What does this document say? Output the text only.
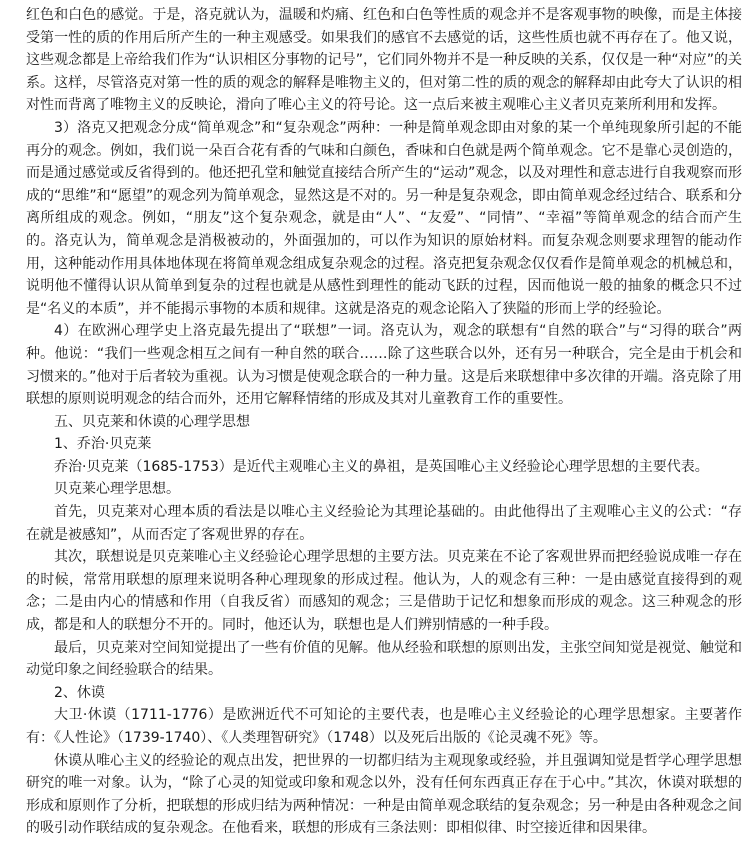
红色和白色的感觉。于是，洛克就认为，温暖和灼痛、红色和白色等性质的观念并不是客观事物的映像，而是主体接受第一性的质的作用后所产生的一种主观感受。如果我们的感官不去感觉的话，这些性质也就不再存在了。他又说，这些观念都是上帝给我们作为“认识相区分事物的记号”，它们同外物并不是一种反映的关系，仅仅是一种“对应”的关系。这样，尽管洛克对第一性的质的观念的解释是唯物主义的，但对第二性的质的观念的解释却由此夸大了认识的相对性而背离了唯物主义的反映论，滑向了唯心主义的符号论。这一点后来被主观唯心主义者贝克莱所利用和发挥。

3）洛克又把观念分成“简单观念”和“复杂观念”两种：一种是简单观念即由对象的某一个单纯现象所引起的不能再分的观念。例如，我们说一朵百合花有香的气味和白颜色，香味和白色就是两个简单观念。它不是靠心灵创造的，而是通过感觉或反省得到的。他还把孔堂和触觉直接结合所产生的“运动”观念，以及对理性和意志进行自我观察而形成的“思维”和“愿望”的观念列为简单观念，显然这是不对的。另一种是复杂观念，即由简单观念经过结合、联系和分离所组成的观念。例如，“朋友”这个复杂观念，就是由“人”、“友爱”、“同情”、“幸福”等简单观念的结合而产生的。洛克认为，简单观念是消极被动的，外面强加的，可以作为知识的原始材料。而复杂观念则要求理智的能动作用，这种能动作用具体地体现在将简单观念组成复杂观念的过程。洛克把复杂观念仅仅看作是简单观念的机械总和，说明他不懂得认识从简单到复杂的过程也就是从感性到理性的能动飞跃的过程，因而他说一般的抽象的概念只不过是“名义的本质”，并不能揭示事物的本质和规律。这就是洛克的观念论陷入了狭隘的形而上学的经验论。

4）在欧洲心理学史上洛克最先提出了“联想”一词。洛克认为，观念的联想有“自然的联合”与“习得的联合”两种。他说：“我们一些观念相互之间有一种自然的联合……除了这些联合以外，还有另一种联合，完全是由于机会和习惯来的。”他对于后者较为重视。认为习惯是使观念联合的一种力量。这是后来联想律中多次律的开端。洛克除了用联想的原则说明观念的结合而外，还用它解释情绪的形成及其对儿童教育工作的重要性。

五、贝克莱和休谟的心理学思想

1、乔治·贝克莱

乔治·贝克莱（1685-1753）是近代主观唯心主义的鼻祖，是英国唯心主义经验论心理学思想的主要代表。

贝克莱心理学思想。

首先，贝克莱对心理本质的看法是以唯心主义经验论为其理论基础的。由此他得出了主观唯心主义的公式：“存在就是被感知”，从而否定了客观世界的存在。

其次，联想说是贝克莱唯心主义经验论心理学思想的主要方法。贝克莱在不论了客观世界而把经验说成唯一存在的时候，常常用联想的原理来说明各种心理现象的形成过程。他认为，人的观念有三种：一是由感觉直接得到的观念；二是由内心的情感和作用（自我反省）而感知的观念；三是借助于记忆和想象而形成的观念。这三种观念的形成，都是和人的联想分不开的。同时，他还认为，联想也是人们辨别情感的一种手段。

最后，贝克莱对空间知觉提出了一些有价值的见解。他从经验和联想的原则出发，主张空间知觉是视觉、触觉和动觉印象之间经验联合的结果。

2、休谟

大卫·休谟（1711-1776）是欧洲近代不可知论的主要代表，也是唯心主义经验论的心理学思想家。主要著作有：《人性论》（1739-1740）、《人类理智研究》（1748）以及死后出版的《论灵魂不死》等。

休谟从唯心主义的经验论的观点出发，把世界的一切都归结为主观现象或经验，并且强调知觉是哲学心理学思想研究的唯一对象。认为，“除了心灵的知觉或印象和观念以外，没有任何东西真正存在于心中。”其次，休谟对联想的形成和原则作了分析，把联想的形成归结为两种情况：一种是由简单观念联结的复杂观念；另一种是由各种观念之间的吸引动作联结成的复杂观念。在他看来，联想的形成有三条法则：即相似律、时空接近律和因果律。
